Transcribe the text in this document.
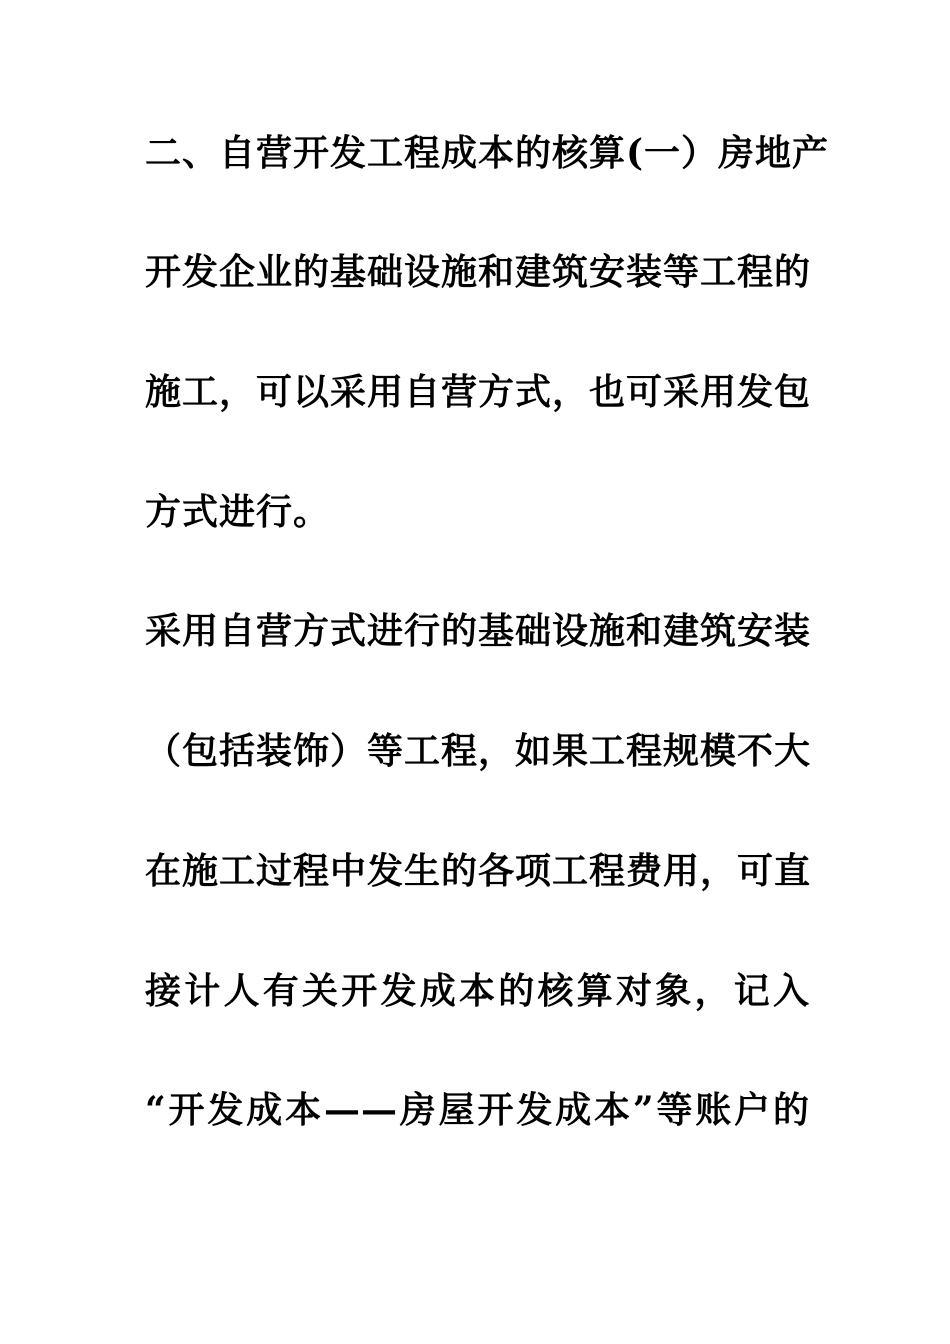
二、自营开发工程成本的核算(一）房地产
开发企业的基础设施和建筑安装等工程的
施工，可以采用自营方式，也可采用发包
方式进行。
采用自营方式进行的基础设施和建筑安装
（包括装饰）等工程，如果工程规模不大
在施工过程中发生的各项工程费用，可直
接计人有关开发成本的核算对象，记入
“开发成本——房屋开发成本”等账户的
